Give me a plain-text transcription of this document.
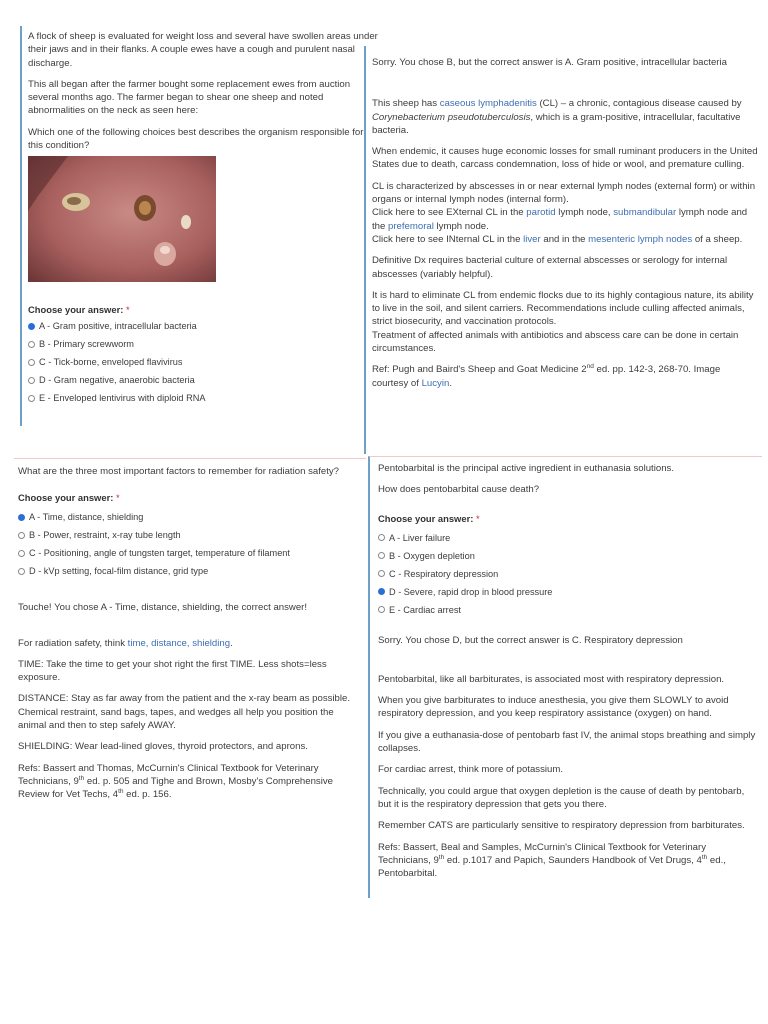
A flock of sheep is evaluated for weight loss and several have swollen areas under their jaws and in their flanks. A couple ewes have a cough and purulent nasal discharge.

This all began after the farmer bought some replacement ewes from auction several months ago. The farmer began to shear one sheep and noted abnormalities on the neck as seen here:

Which one of the following choices best describes the organism responsible for this condition?

Choose your answer: *
A - Gram positive, intracellular bacteria
B - Primary screwworm
C - Tick-borne, enveloped flavivirus
D - Gram negative, anaerobic bacteria
E - Enveloped lentivirus with diploid RNA

Sorry. You chose B, but the correct answer is A. Gram positive, intracellular bacteria

This sheep has caseous lymphadenitis (CL) – a chronic, contagious disease caused by Corynebacterium pseudotuberculosis, which is a gram-positive, intracellular, facultative bacteria.

When endemic, it causes huge economic losses for small ruminant producers in the United States due to death, carcass condemnation, loss of hide or wool, and premature culling.

CL is characterized by abscesses in or near external lymph nodes (external form) or within organs or internal lymph nodes (internal form).
Click here to see EXternal CL in the parotid lymph node, submandibular lymph node and the prefemoral lymph node.
Click here to see INternal CL in the liver and in the mesenteric lymph nodes of a sheep.

Definitive Dx requires bacterial culture of external abscesses or serology for internal abscesses (variably helpful).

It is hard to eliminate CL from endemic flocks due to its highly contagious nature, its ability to live in the soil, and silent carriers. Recommendations include culling affected animals, strict biosecurity, and vaccination protocols.
Treatment of affected animals with antibiotics and abscess care can be done in certain circumstances.

Ref: Pugh and Baird's Sheep and Goat Medicine 2nd ed. pp. 142-3, 268-70. Image courtesy of Lucyin.

What are the three most important factors to remember for radiation safety?

Choose your answer: *
A - Time, distance, shielding
B - Power, restraint, x-ray tube length
C - Positioning, angle of tungsten target, temperature of filament
D - kVp setting, focal-film distance, grid type

Touche! You chose A - Time, distance, shielding, the correct answer!

For radiation safety, think time, distance, shielding.

TIME: Take the time to get your shot right the first TIME. Less shots=less exposure.

DISTANCE: Stay as far away from the patient and the x-ray beam as possible. Chemical restraint, sand bags, tapes, and wedges all help you position the animal and then to step safely AWAY.

SHIELDING: Wear lead-lined gloves, thyroid protectors, and aprons.

Refs: Bassert and Thomas, McCurnin's Clinical Textbook for Veterinary Technicians, 9th ed. p. 505 and Tighe and Brown, Mosby's Comprehensive Review for Vet Techs, 4th ed. p. 156.

Pentobarbital is the principal active ingredient in euthanasia solutions.

How does pentobarbital cause death?

Choose your answer: *
A - Liver failure
B - Oxygen depletion
C - Respiratory depression
D - Severe, rapid drop in blood pressure
E - Cardiac arrest

Sorry. You chose D, but the correct answer is C. Respiratory depression

Pentobarbital, like all barbiturates, is associated most with respiratory depression.

When you give barbiturates to induce anesthesia, you give them SLOWLY to avoid respiratory depression, and you keep respiratory assistance (oxygen) on hand.

If you give a euthanasia-dose of pentobarb fast IV, the animal stops breathing and simply collapses.

For cardiac arrest, think more of potassium.

Technically, you could argue that oxygen depletion is the cause of death by pentobarb, but it is the respiratory depression that gets you there.

Remember CATS are particularly sensitive to respiratory depression from barbiturates.

Refs: Bassert, Beal and Samples, McCurnin's Clinical Textbook for Veterinary Technicians, 9th ed. p.1017 and Papich, Saunders Handbook of Vet Drugs, 4th ed., Pentobarbital.
